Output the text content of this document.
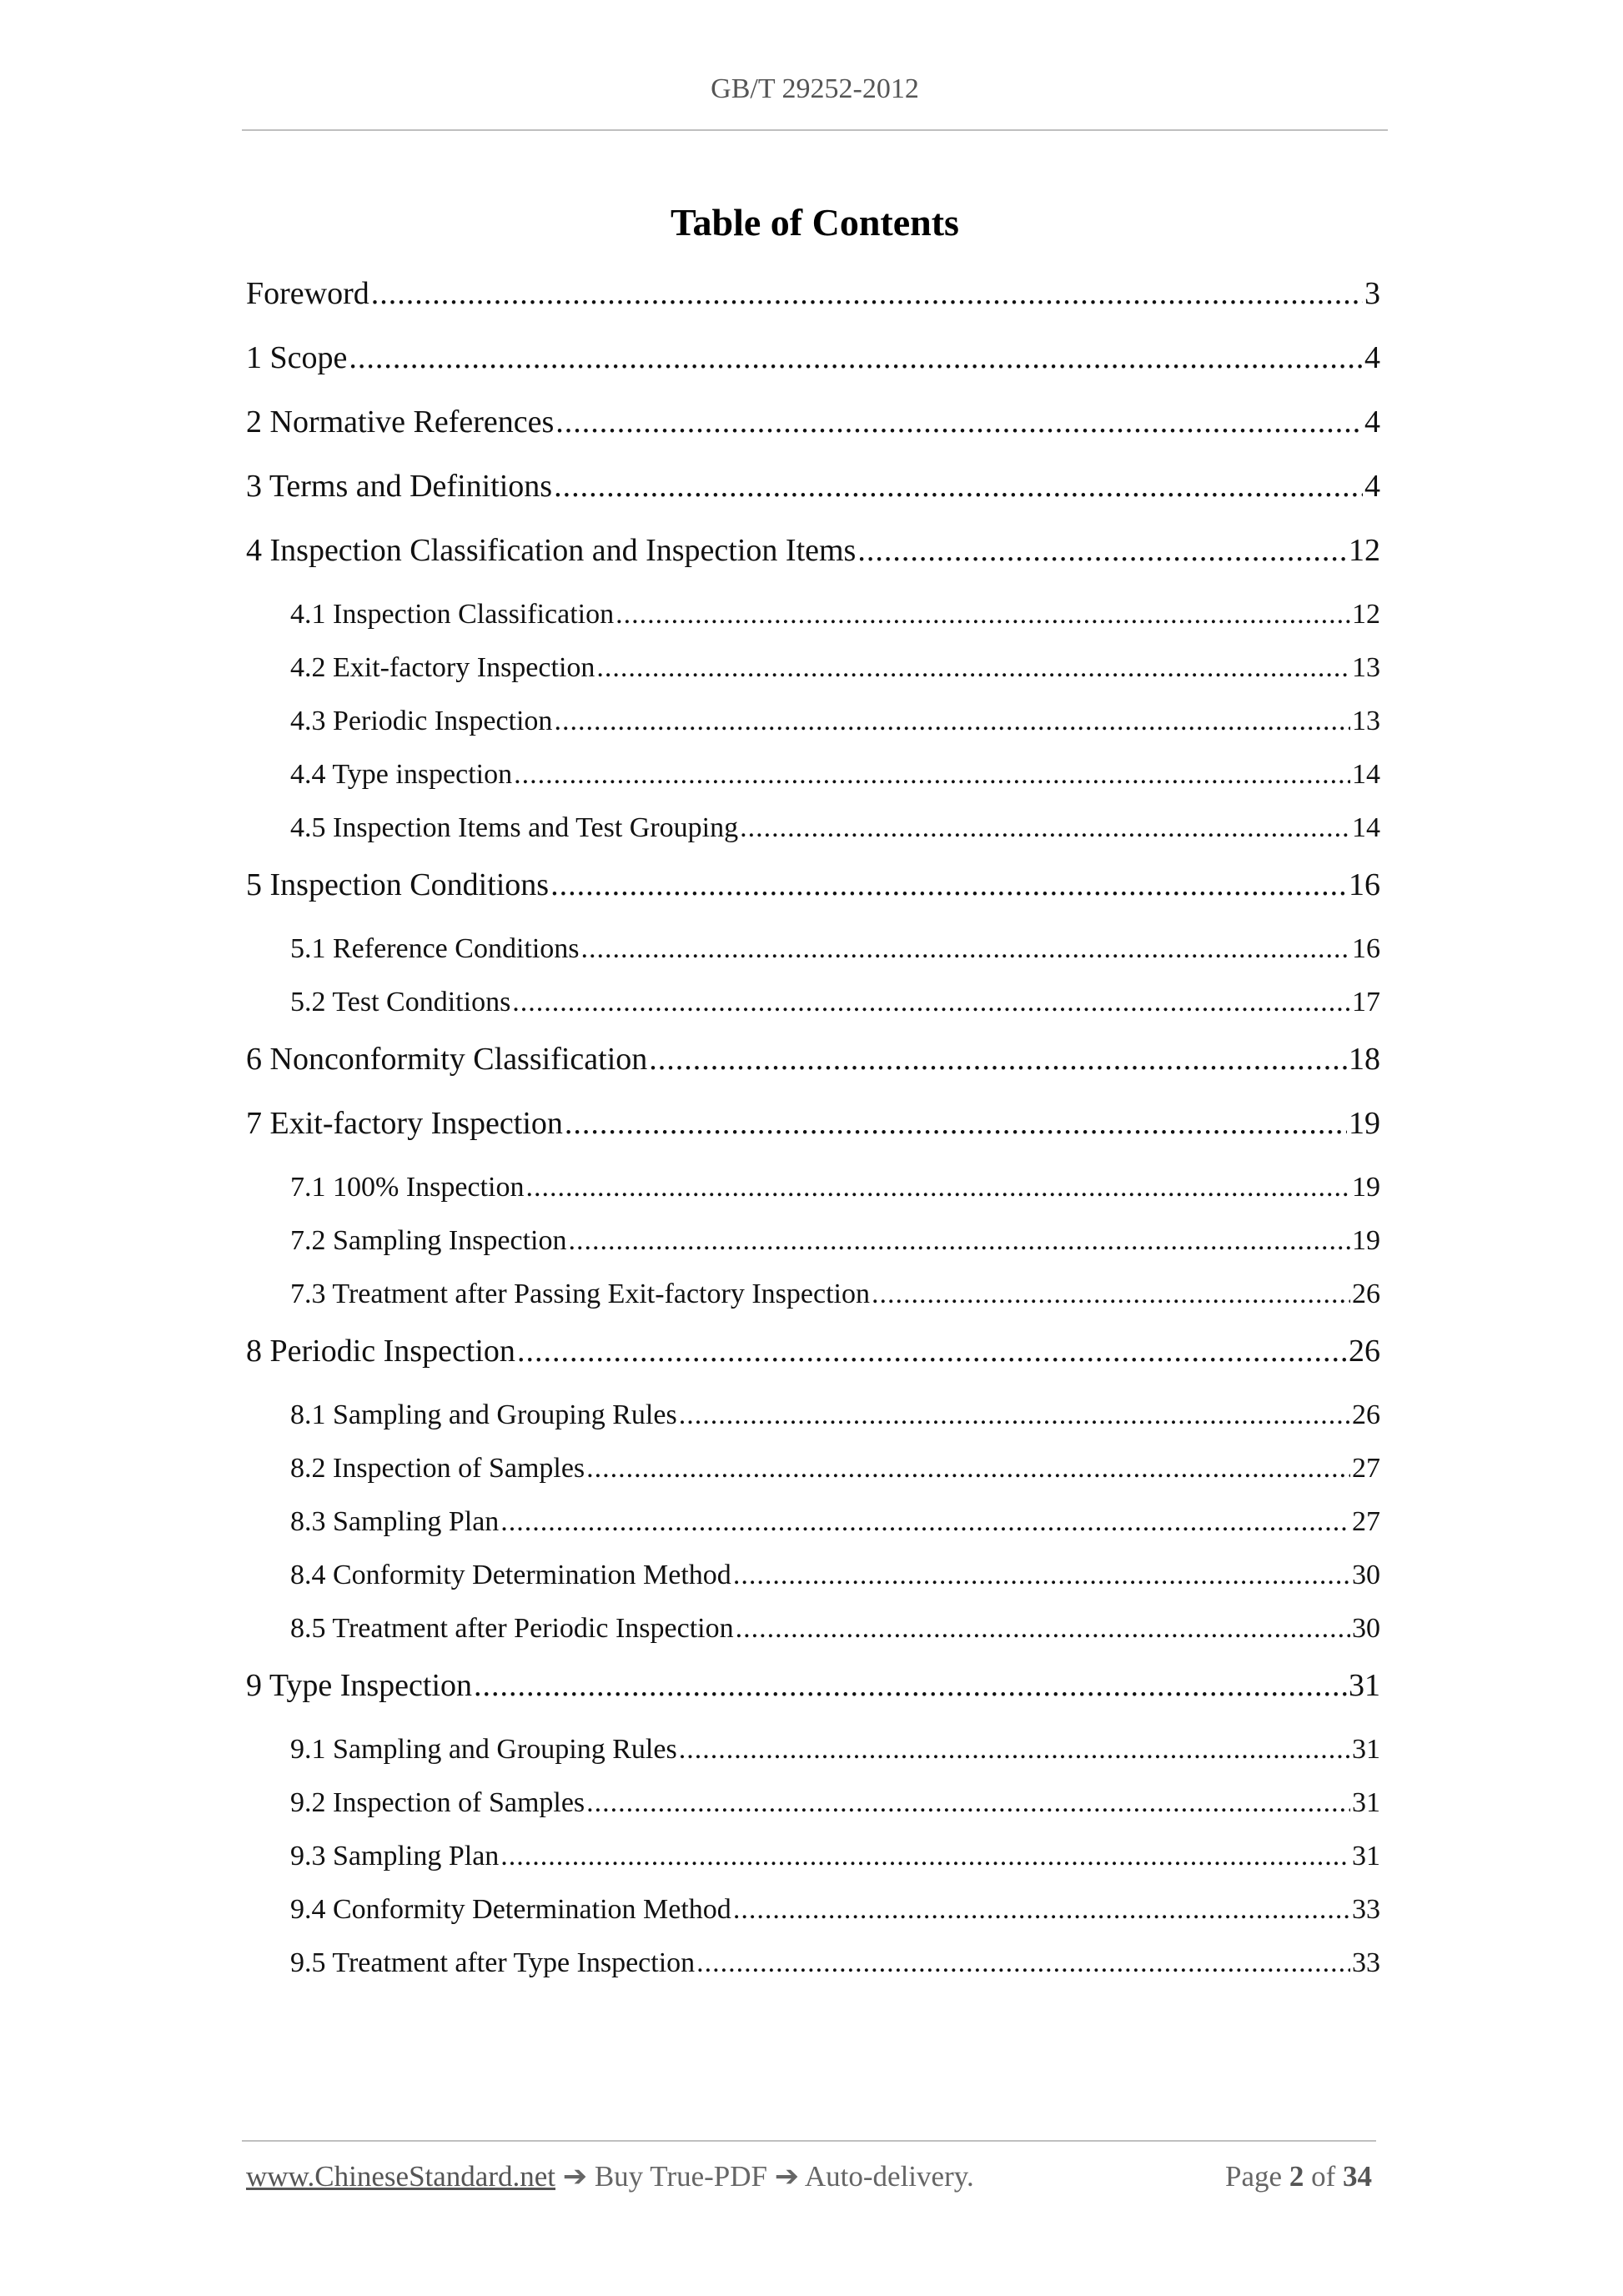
GB/T 29252-2012
Table of Contents
Foreword .....	3
1 Scope .....	4
2 Normative References .....	4
3 Terms and Definitions .....	4
4 Inspection Classification and Inspection Items .....	12
4.1 Inspection Classification .....	12
4.2 Exit-factory Inspection .....	13
4.3 Periodic Inspection .....	13
4.4 Type inspection .....	14
4.5 Inspection Items and Test Grouping .....	14
5 Inspection Conditions .....	16
5.1 Reference Conditions .....	16
5.2 Test Conditions .....	17
6 Nonconformity Classification .....	18
7 Exit-factory Inspection .....	19
7.1 100% Inspection .....	19
7.2 Sampling Inspection .....	19
7.3 Treatment after Passing Exit-factory Inspection .....	26
8 Periodic Inspection .....	26
8.1 Sampling and Grouping Rules .....	26
8.2 Inspection of Samples .....	27
8.3 Sampling Plan .....	27
8.4 Conformity Determination Method .....	30
8.5 Treatment after Periodic Inspection .....	30
9 Type Inspection .....	31
9.1 Sampling and Grouping Rules .....	31
9.2 Inspection of Samples .....	31
9.3 Sampling Plan .....	31
9.4 Conformity Determination Method .....	33
9.5 Treatment after Type Inspection .....	33
www.ChineseStandard.net ➔ Buy True-PDF ➔ Auto-delivery.	Page 2 of 34
